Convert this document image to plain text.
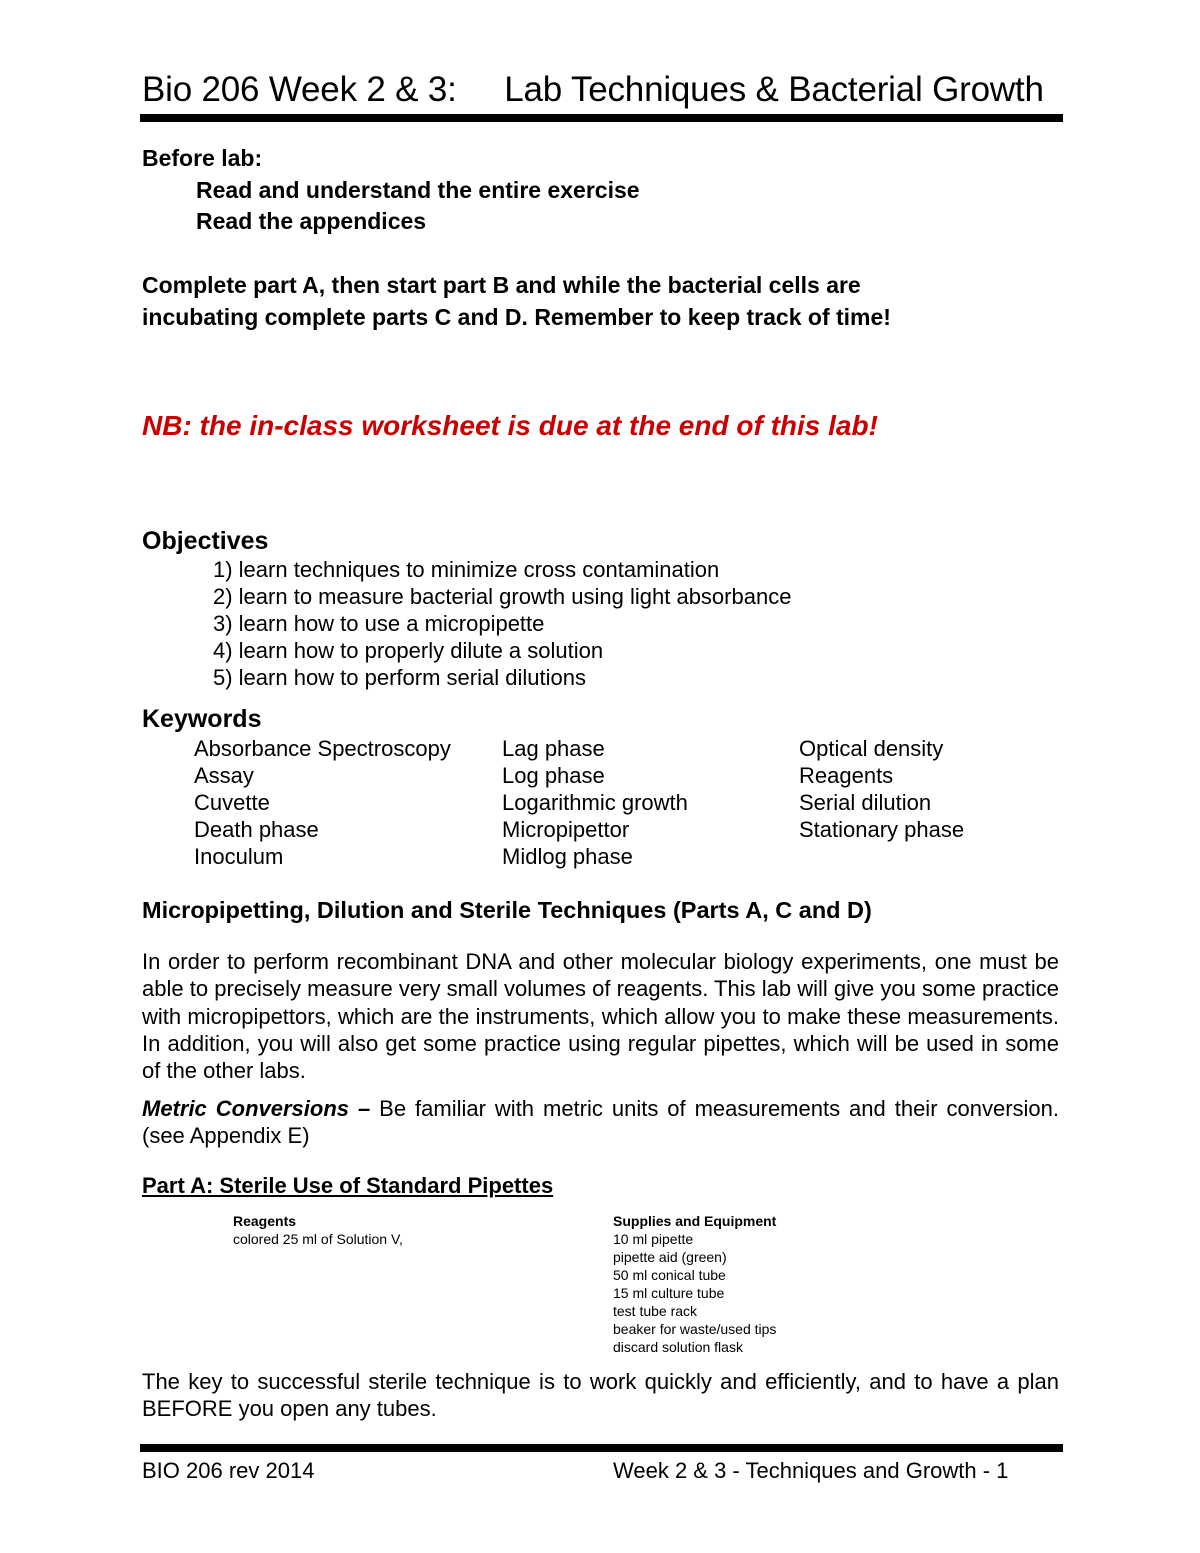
Bio 206 Week 2 & 3:     Lab Techniques & Bacterial Growth
Before lab:
Read and understand the entire exercise
Read the appendices
Complete part A, then start part B and while the bacterial cells are
incubating complete parts C and D. Remember to keep track of time!
NB: the in-class worksheet is due at the end of this lab!
Objectives
1) learn techniques to minimize cross contamination
2) learn to measure bacterial growth using light absorbance
3) learn how to use a micropipette
4) learn how to properly dilute a solution
5) learn how to perform serial dilutions
Keywords
Absorbance Spectroscopy
Assay
Cuvette
Death phase
Inoculum
Lag phase
Log phase
Logarithmic growth
Micropipettor
Midlog phase
Optical density
Reagents
Serial dilution
Stationary phase
Micropipetting, Dilution and Sterile Techniques (Parts A, C and D)
In order to perform recombinant DNA and other molecular biology experiments, one must be able to precisely measure very small volumes of reagents. This lab will give you some practice with micropipettors, which are the instruments, which allow you to make these measurements. In addition, you will also get some practice using regular pipettes, which will be used in some of the other labs.
Metric Conversions – Be familiar with metric units of measurements and their conversion. (see Appendix E)
Part A: Sterile Use of Standard Pipettes
Reagents
colored 25 ml of Solution V,
Supplies and Equipment
10 ml pipette
pipette aid (green)
50 ml conical tube
15 ml culture tube
test tube rack
beaker for waste/used tips
discard solution flask
The key to successful sterile technique is to work quickly and efficiently, and to have a plan BEFORE you open any tubes.
BIO 206 rev 2014	Week 2 & 3 - Techniques and Growth - 1
